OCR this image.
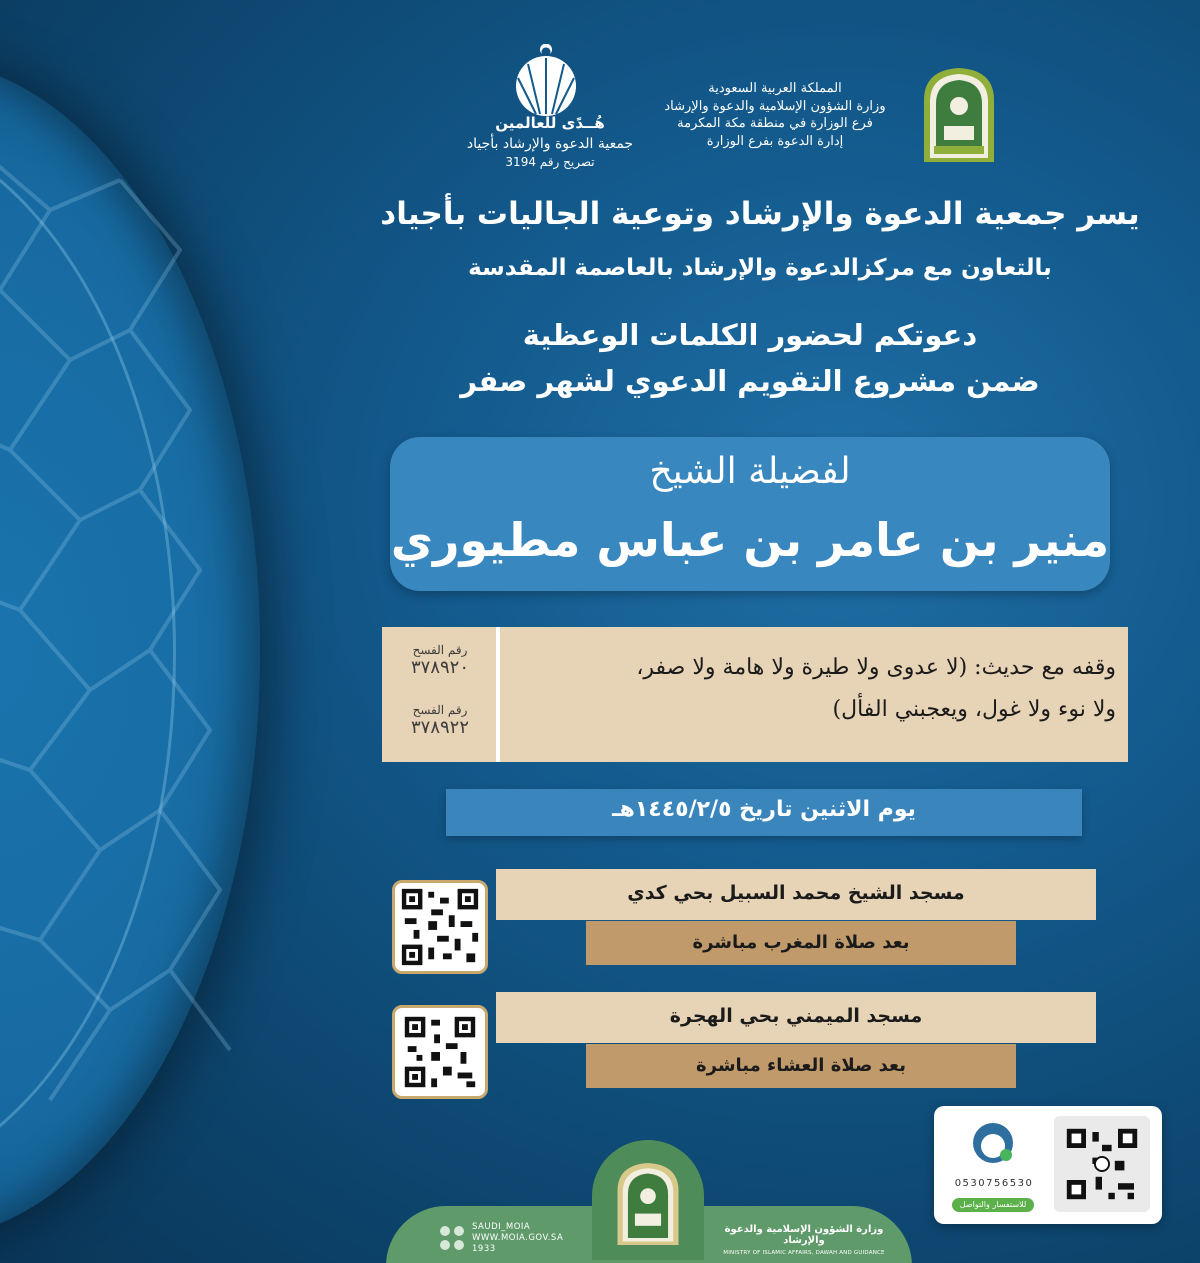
المملكة العربية السعودية
وزارة الشؤون الإسلامية والدعوة والإرشاد
فرع الوزارة في منطقة مكة المكرمة
إدارة الدعوة بفرع الوزارة
هُــدًى للعالمين
جمعية الدعوة والإرشاد بأجياد
تصريح رقم 3194
يسر جمعية الدعوة والإرشاد وتوعية الجاليات بأجياد
بالتعاون مع مركزالدعوة والإرشاد بالعاصمة المقدسة
دعوتكم لحضور الكلمات الوعظية
ضمن مشروع التقويم الدعوي لشهر صفر
لفضيلة الشيخ
منير بن عامر بن عباس مطيوري
رقم الفسح
٣٧٨٩٢٠
رقم الفسح
٣٧٨٩٢٢
وقفه مع حديث: (لا عدوى ولا طيرة ولا هامة ولا صفر،
ولا نوء ولا غول، ويعجبني الفأل)
يوم الاثنين تاريخ ١٤٤٥/٢/٥هـ
مسجد الشيخ محمد السبيل بحي كدي
بعد صلاة المغرب مباشرة
مسجد الميمني بحي الهجرة
بعد صلاة العشاء مباشرة
0530756530
للاستفسار والتواصل
وزارة الشؤون الإسلامية والدعوة والإرشاد
MINISTRY OF ISLAMIC AFFAIRS, DAWAH AND GUIDANCE
SAUDI_MOIA
WWW.MOIA.GOV.SA
1933
